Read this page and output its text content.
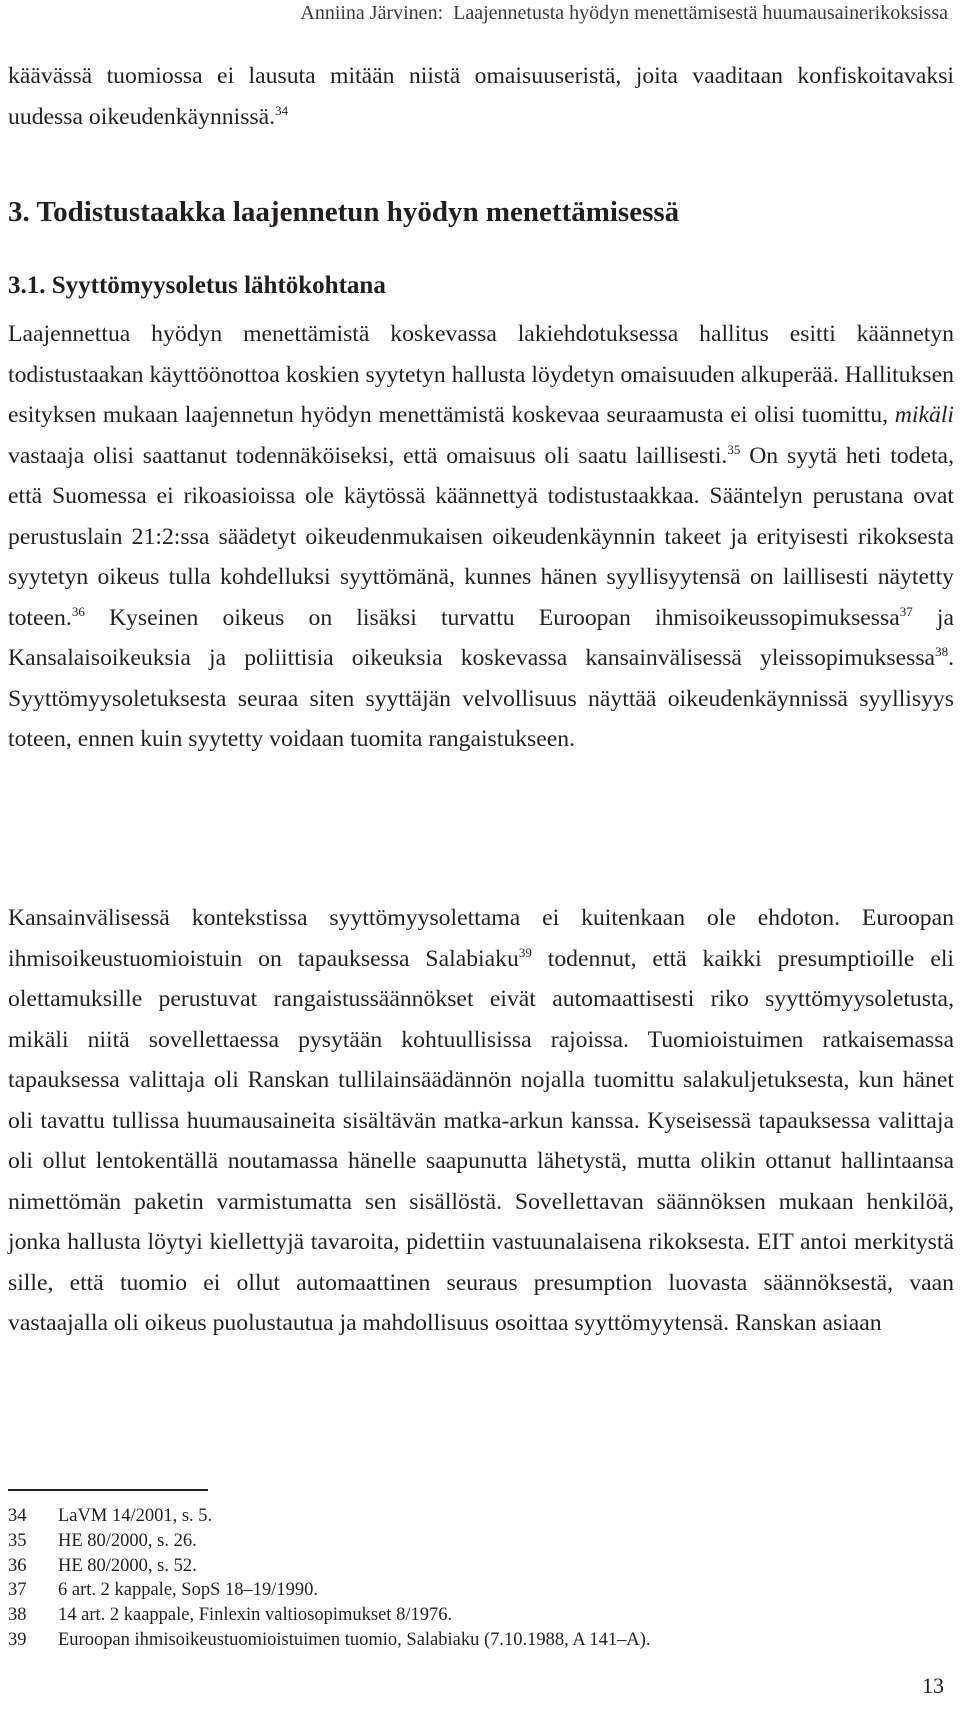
Anniina Järvinen: Laajennetusta hyödyn menettämisestä huumausainerikoksissa

käävässä tuomiossa ei lausuta mitään niistä omaisuuseristä, joita vaaditaan konfiskoitavaksi uudessa oikeudenkäynnissä.$^{34}$

3. Todistustaakka laajennetun hyödyn menettämisessä
3.1. Syyttömyysoletus lähtökohtana

Laajennettua hyödyn menettämistä koskevassa lakiehdotuksessa hallitus esitti käännetyn todistustaakan käyttöönottoa koskien syytetyn hallusta löydetyn omaisuuden alkuperää. Hallituksen esityksen mukaan laajennetun hyödyn menettämistä koskevaa seuraamusta ei olisi tuomittu, mikäli vastaaja olisi saattanut todennäköiseksi, että omaisuus oli saatu laillisesti.$^{35}$ On syytä heti todeta, että Suomessa ei rikoasioissa ole käytössä käännettyä todistustaakkaa. Sääntelyn perustana ovat perustuslain 21:2:ssa säädetyt oikeudenmukaisen oikeudenkäynnin takeet ja erityisesti rikoksesta syytetyn oikeus tulla kohdelluksi syyttömänä, kunnes hänen syyllisyytensä on laillisesti näytetty toteen.$^{36}$ Kyseinen oikeus on lisäksi turvattu Euroopan ihmisoikeussopimuksessa$^{37}$ ja Kansalaisoikeuksia ja poliittisia oikeuksia koskevassa kansainvälisessä yleissopimuksessa$^{38}$. Syyttömyysoletuksesta seuraa siten syyttäjän velvollisuus näyttää oikeudenkäynnissä syyllisyys toteen, ennen kuin syytetty voidaan tuomita rangaistukseen.

Kansainvälisessä kontekstissa syyttömyysolettama ei kuitenkaan ole ehdoton. Euroopan ihmisoikeustuomioistuin on tapauksessa Salabiaku$^{39}$ todennut, että kaikki presumptioille eli olettamuksille perustuvat rangaistussäännökset eivät automaattisesti riko syyttömyysoletusta, mikäli niitä sovellettaessa pysytään kohtuullisissa rajoissa. Tuomioistuimen ratkaisemassa tapauksessa valittaja oli Ranskan tullilainsäädännön nojalla tuomittu salakuljetuksesta, kun hänet oli tavattu tullissa huumausaineita sisältävän matka-arkun kanssa. Kyseisessä tapauksessa valittaja oli ollut lentokentällä noutamassa hänelle saapunutta lähetystä, mutta olikin ottanut hallintaansa nimettömän paketin varmistumatta sen sisällöstä. Sovellettavan säännöksen mukaan henkilöä, jonka hallusta löytyi kiellettyjä tavaroita, pidettiin vastuunalaisena rikoksesta. EIT antoi merkitystä sille, että tuomio ei ollut automaattinen seuraus presumption luovasta säännöksestä, vaan vastaajalla oli oikeus puolustautua ja mahdollisuus osoittaa syyttömyytensä. Ranskan asiaan

34	LaVM 14/2001, s. 5.
35	HE 80/2000, s. 26.
36	HE 80/2000, s. 52.
37	6 art. 2 kappale, SopS 18–19/1990.
38	14 art. 2 kaappale, Finlexin valtiosopimukset 8/1976.
39	Euroopan ihmisoikeustuomioistuimen tuomio, Salabiaku (7.10.1988, A 141–A).
13
